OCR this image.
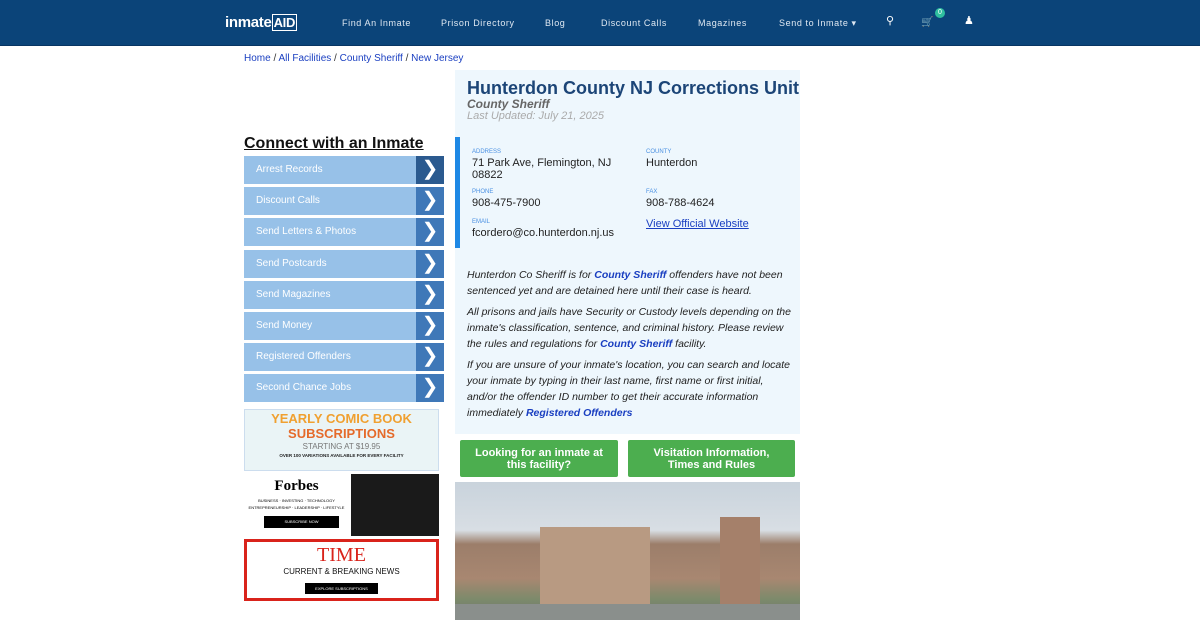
inmate AID	Find An Inmate	Prison Directory	Blog	Discount Calls	Magazines	Send to Inmate ▾	⚲	🛒
0
♟
Home / All Facilities / County Sheriff / New Jersey
Connect with an Inmate
Arrest Records	❯
Discount Calls	❯
Send Letters & Photos	❯
Send Postcards	❯
Send Magazines	❯
Send Money	❯
Registered Offenders	❯
Second Chance Jobs	❯
YEARLY COMIC BOOK
SUBSCRIPTIONS
STARTING AT $19.95
OVER 100 VARIATIONS AVAILABLE FOR EVERY FACILITY
Forbes
BUSINESS · INVESTING · TECHNOLOGY
ENTREPRENEURSHIP · LEADERSHIP · LIFESTYLE
SUBSCRIBE NOW
TIME
CURRENT & BREAKING NEWS
EXPLORE SUBSCRIPTIONS
Hunterdon County NJ Corrections Unit
County Sheriff
Last Updated: July 21, 2025
ADDRESS
71 Park Ave, Flemington, NJ 08822
COUNTY
Hunterdon
PHONE
908-475-7900
FAX
908-788-4624
EMAIL
fcordero@co.hunterdon.nj.us
View Official Website

Hunterdon Co Sheriff is for County Sheriff offenders have not been sentenced yet and are detained here until their case is heard.

All prisons and jails have Security or Custody levels depending on the inmate's classification, sentence, and criminal history. Please review the rules and regulations for County Sheriff facility.

If you are unsure of your inmate's location, you can search and locate your inmate by typing in their last name, first name or first initial, and/or the offender ID number to get their accurate information immediately Registered Offenders

Looking for an inmate at this facility?
Visitation Information, Times and Rules
